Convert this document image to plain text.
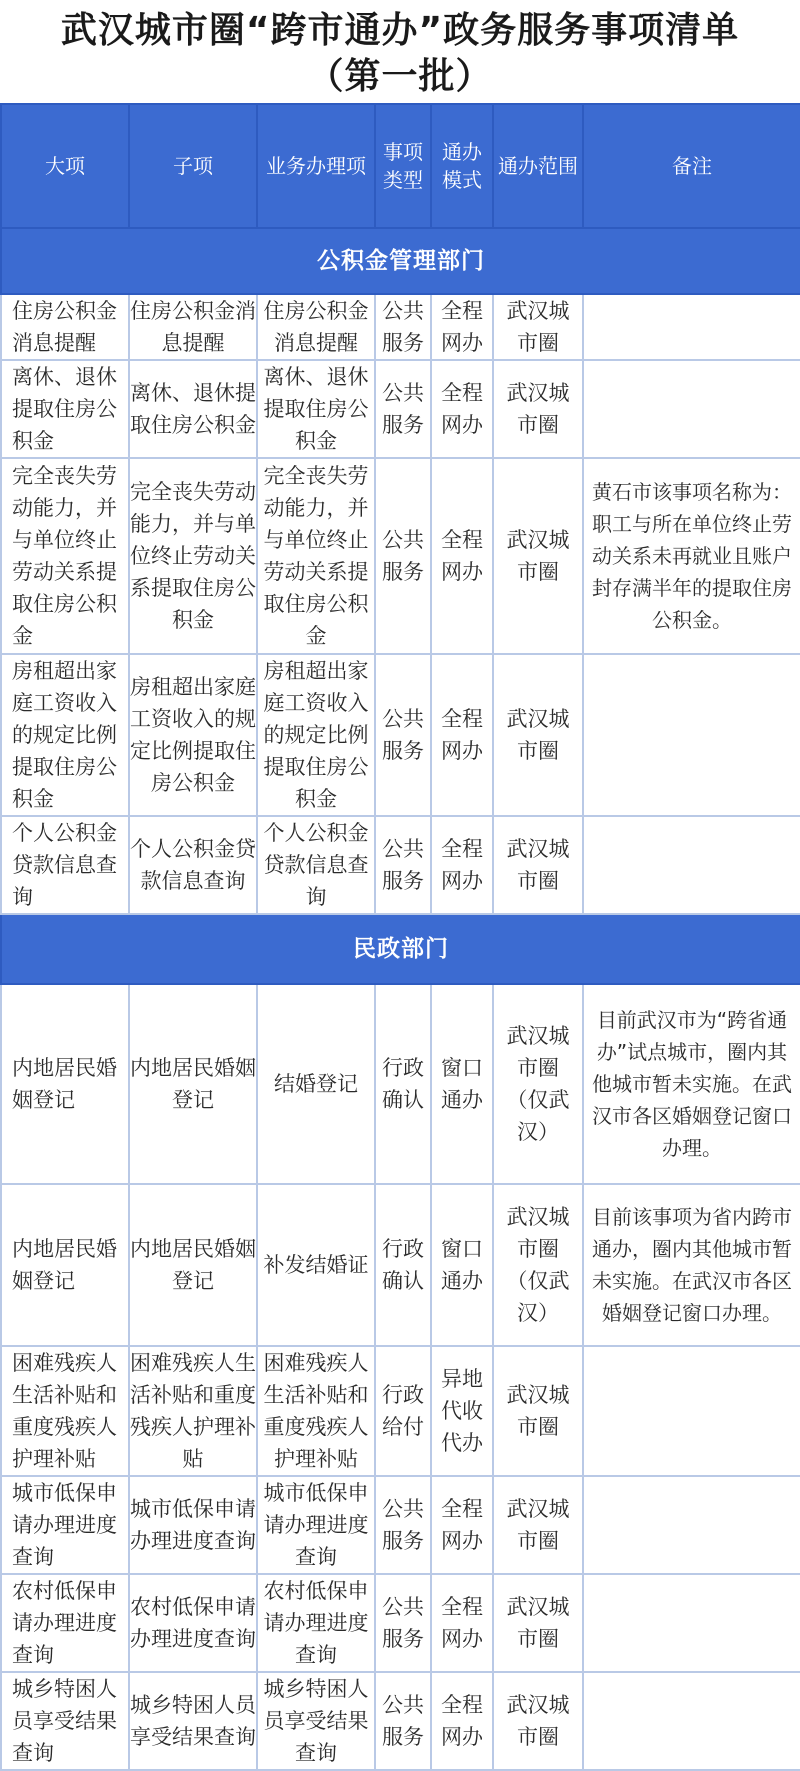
武汉城市圈“跨市通办”政务服务事项清单
（第一批）
大项	子项	业务办理项	事项类型	通办模式	通办范围	备注
公积金管理部门						
住房公积金消息提醒	住房公积金消息提醒	住房公积金消息提醒	公共服务	全程网办	武汉城市圈	
离休、退休提取住房公积金	离休、退休提取住房公积金	离休、退休提取住房公积金	公共服务	全程网办	武汉城市圈	
完全丧失劳动能力，并与单位终止劳动关系提取住房公积金	完全丧失劳动能力，并与单位终止劳动关系提取住房公积金	完全丧失劳动能力，并与单位终止劳动关系提取住房公积金	公共服务	全程网办	武汉城市圈	黄石市该事项名称为：职工与所在单位终止劳动关系未再就业且账户封存满半年的提取住房公积金。
房租超出家庭工资收入的规定比例提取住房公积金	房租超出家庭工资收入的规定比例提取住房公积金	房租超出家庭工资收入的规定比例提取住房公积金	公共服务	全程网办	武汉城市圈	
个人公积金贷款信息查询	个人公积金贷款信息查询	个人公积金贷款信息查询	公共服务	全程网办	武汉城市圈	
民政部门						
内地居民婚姻登记	内地居民婚姻登记	结婚登记	行政确认	窗口通办	武汉城市圈（仅武汉）	目前武汉市为“跨省通办”试点城市，圈内其他城市暂未实施。在武汉市各区婚姻登记窗口办理。
内地居民婚姻登记	内地居民婚姻登记	补发结婚证	行政确认	窗口通办	武汉城市圈（仅武汉）	目前该事项为省内跨市通办，圈内其他城市暂未实施。在武汉市各区婚姻登记窗口办理。
困难残疾人生活补贴和重度残疾人护理补贴	困难残疾人生活补贴和重度残疾人护理补贴	困难残疾人生活补贴和重度残疾人护理补贴	行政给付	异地代收代办	武汉城市圈	
城市低保申请办理进度查询	城市低保申请办理进度查询	城市低保申请办理进度查询	公共服务	全程网办	武汉城市圈	
农村低保申请办理进度查询	农村低保申请办理进度查询	农村低保申请办理进度查询	公共服务	全程网办	武汉城市圈	
城乡特困人员享受结果查询	城乡特困人员享受结果查询	城乡特困人员享受结果查询	公共服务	全程网办	武汉城市圈	
